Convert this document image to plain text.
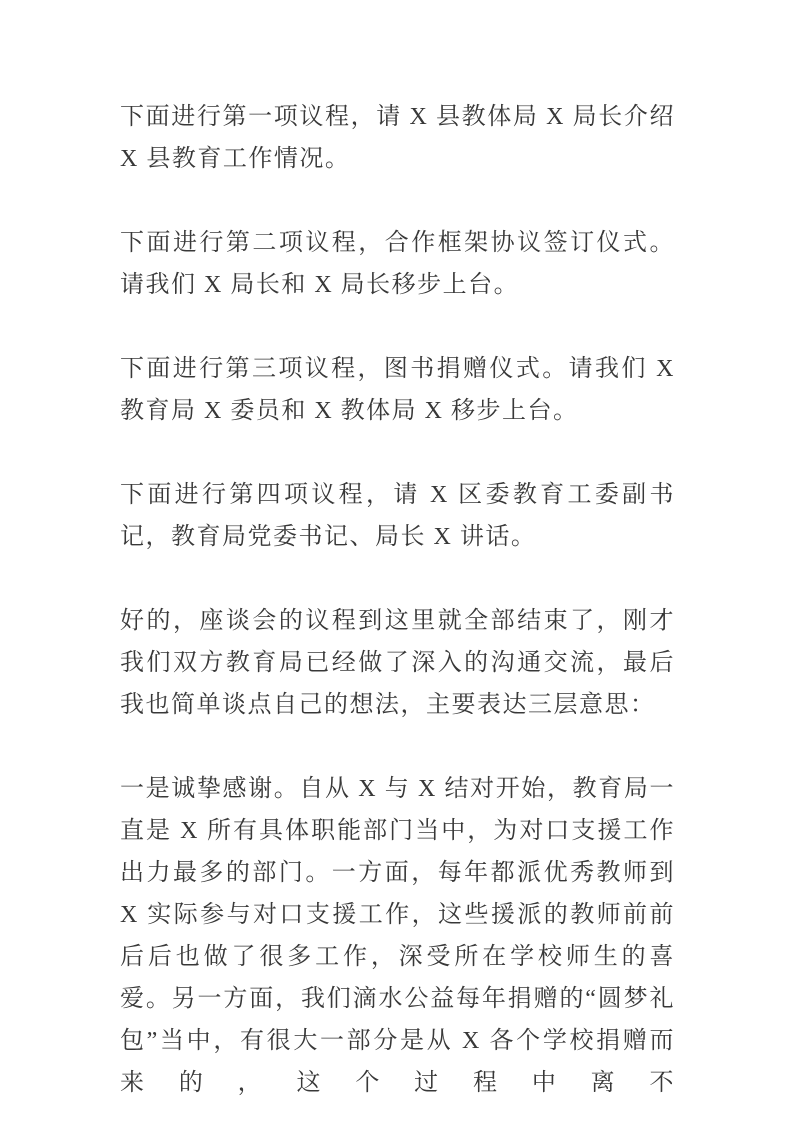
下面进行第一项议程，请 X 县教体局 X 局长介绍 X 县教育工作情况。

下面进行第二项议程，合作框架协议签订仪式。请我们 X 局长和 X 局长移步上台。

下面进行第三项议程，图书捐赠仪式。请我们 X 教育局 X 委员和 X 教体局 X 移步上台。

下面进行第四项议程，请 X 区委教育工委副书记，教育局党委书记、局长 X 讲话。

好的，座谈会的议程到这里就全部结束了，刚才我们双方教育局已经做了深入的沟通交流，最后我也简单谈点自己的想法，主要表达三层意思：

一是诚挚感谢。自从 X 与 X 结对开始，教育局一直是 X 所有具体职能部门当中，为对口支援工作出力最多的部门。一方面，每年都派优秀教师到 X 实际参与对口支援工作，这些援派的教师前前后后也做了很多工作，深受所在学校师生的喜爱。另一方面，我们滴水公益每年捐赠的“圆梦礼包”当中，有很大一部分是从 X 各个学校捐赠而来的，这个过程中离不
